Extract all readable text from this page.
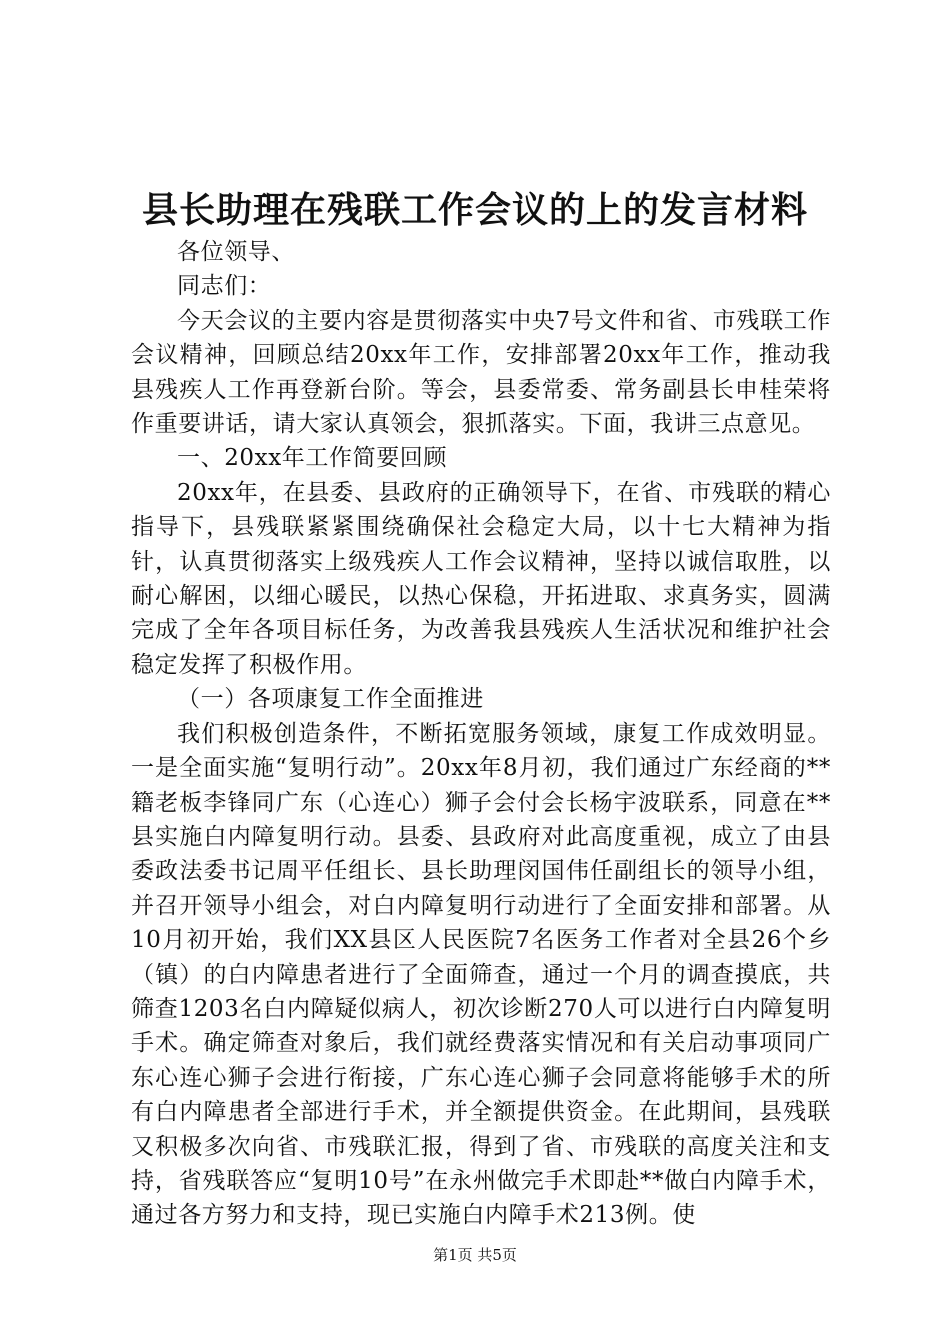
县长助理在残联工作会议的上的发言材料

各位领导、

同志们：

今天会议的主要内容是贯彻落实中央7号文件和省、市残联工作会议精神，回顾总结20xx年工作，安排部署20xx年工作，推动我县残疾人工作再登新台阶。等会，县委常委、常务副县长申桂荣将作重要讲话，请大家认真领会，狠抓落实。下面，我讲三点意见。

一、20xx年工作简要回顾

20xx年，在县委、县政府的正确领导下，在省、市残联的精心指导下，县残联紧紧围绕确保社会稳定大局，以十七大精神为指针，认真贯彻落实上级残疾人工作会议精神，坚持以诚信取胜，以耐心解困，以细心暖民，以热心保稳，开拓进取、求真务实，圆满完成了全年各项目标任务，为改善我县残疾人生活状况和维护社会稳定发挥了积极作用。

（一）各项康复工作全面推进

我们积极创造条件，不断拓宽服务领域，康复工作成效明显。一是全面实施“复明行动”。20xx年8月初，我们通过广东经商的**籍老板李锋同广东（心连心）狮子会付会长杨宇波联系，同意在**县实施白内障复明行动。县委、县政府对此高度重视，成立了由县委政法委书记周平任组长、县长助理闵国伟任副组长的领导小组，并召开领导小组会，对白内障复明行动进行了全面安排和部署。从10月初开始，我们XX县区人民医院7名医务工作者对全县26个乡（镇）的白内障患者进行了全面筛查，通过一个月的调查摸底，共筛查1203名白内障疑似病人，初次诊断270人可以进行白内障复明手术。确定筛查对象后，我们就经费落实情况和有关启动事项同广东心连心狮子会进行衔接，广东心连心狮子会同意将能够手术的所有白内障患者全部进行手术，并全额提供资金。在此期间，县残联又积极多次向省、市残联汇报，得到了省、市残联的高度关注和支持，省残联答应“复明10号”在永州做完手术即赴**做白内障手术，通过各方努力和支持，现已实施白内障手术213例。使

第1页 共5页
